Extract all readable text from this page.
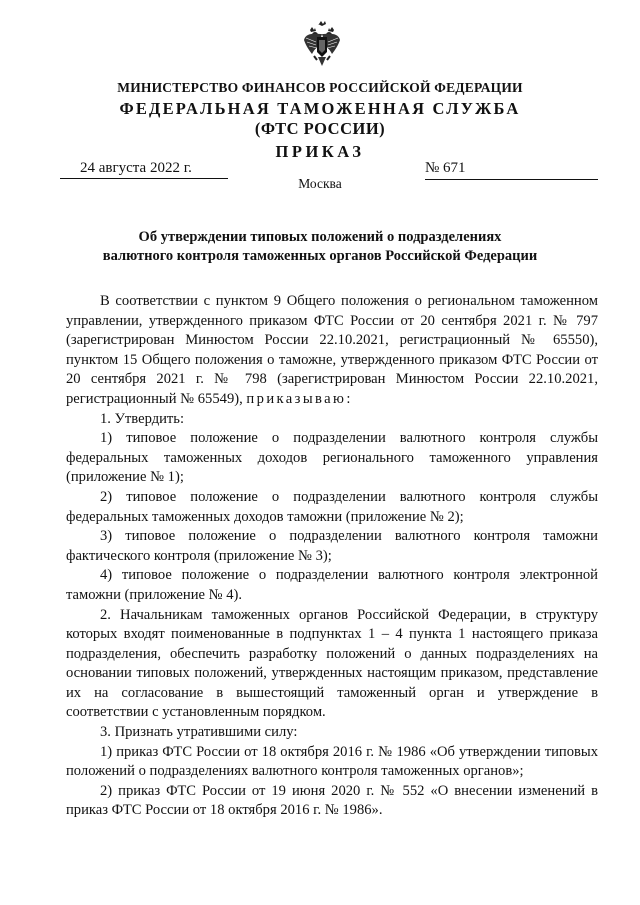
МИНИСТЕРСТВО ФИНАНСОВ РОССИЙСКОЙ ФЕДЕРАЦИИ
ФЕДЕРАЛЬНАЯ ТАМОЖЕННАЯ СЛУЖБА
(ФТС РОССИИ)
ПРИКАЗ
24 августа 2022 г.	№ 671
Москва
Об утверждении типовых положений о подразделениях
валютного контроля таможенных органов Российской Федерации

В соответствии с пунктом 9 Общего положения о региональном таможенном управлении, утвержденного приказом ФТС России от 20 сентября 2021 г. № 797 (зарегистрирован Минюстом России 22.10.2021, регистрационный № 65550), пунктом 15 Общего положения о таможне, утвержденного приказом ФТС России от 20 сентября 2021 г. № 798 (зарегистрирован Минюстом России 22.10.2021, регистрационный № 65549), приказываю:

1. Утвердить:

1) типовое положение о подразделении валютного контроля службы федеральных таможенных доходов регионального таможенного управления (приложение № 1);

2) типовое положение о подразделении валютного контроля службы федеральных таможенных доходов таможни (приложение № 2);

3) типовое положение о подразделении валютного контроля таможни фактического контроля (приложение № 3);

4) типовое положение о подразделении валютного контроля электронной таможни (приложение № 4).

2. Начальникам таможенных органов Российской Федерации, в структуру которых входят поименованные в подпунктах 1 – 4 пункта 1 настоящего приказа подразделения, обеспечить разработку положений о данных подразделениях на основании типовых положений, утвержденных настоящим приказом, представление их на согласование в вышестоящий таможенный орган и утверждение в соответствии с установленным порядком.

3. Признать утратившими силу:

1) приказ ФТС России от 18 октября 2016 г. № 1986 «Об утверждении типовых положений о подразделениях валютного контроля таможенных органов»;

2) приказ ФТС России от 19 июня 2020 г. № 552 «О внесении изменений в приказ ФТС России от 18 октября 2016 г. № 1986».
